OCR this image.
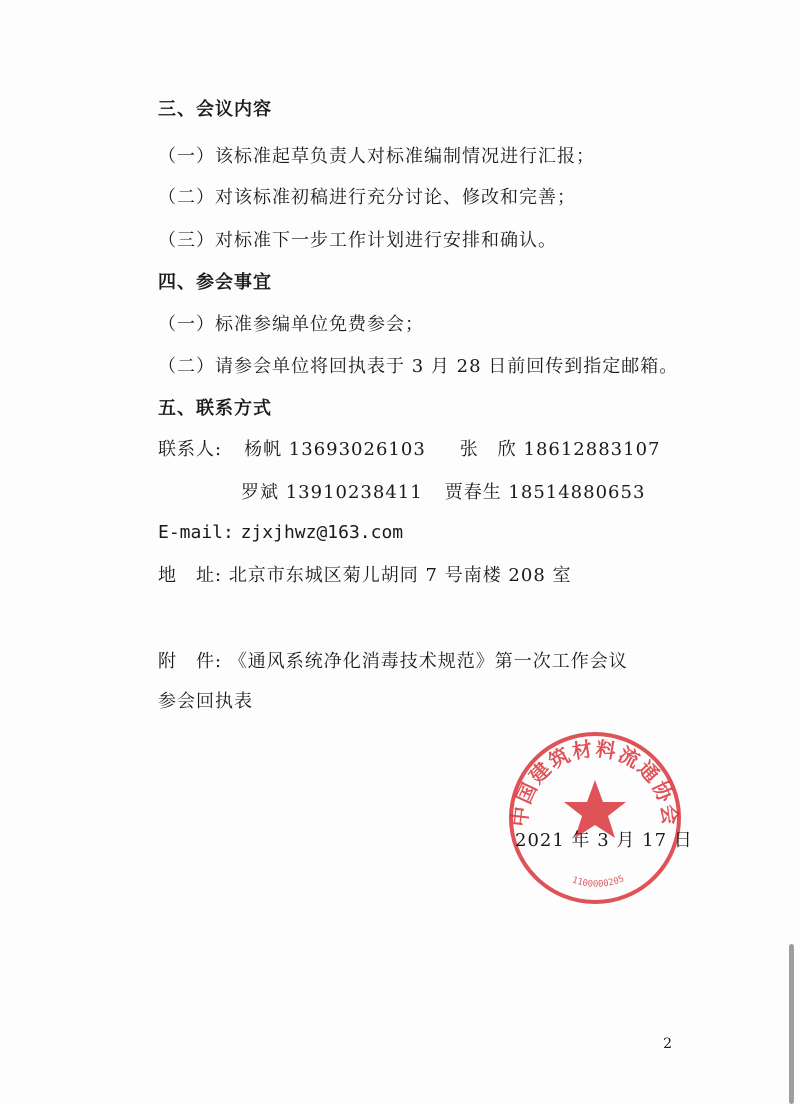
三、会议内容
（一）该标准起草负责人对标准编制情况进行汇报；
（二）对该标准初稿进行充分讨论、修改和完善；
（三）对标准下一步工作计划进行安排和确认。
四、参会事宜
（一）标准参编单位免费参会；
（二）请参会单位将回执表于 3 月 28 日前回传到指定邮箱。
五、联系方式
联系人: 杨帆 13693026103 张　欣 18612883107
罗斌 13910238411 贾春生 18514880653
E-mail: zjxjhwz@163.com
地　址: 北京市东城区菊儿胡同 7 号南楼 208 室
附　件: 《通风系统净化消毒技术规范》第一次工作会议
参会回执表
中国建筑材料流通协会
1100000205
2021 年 3 月 17 日
2
